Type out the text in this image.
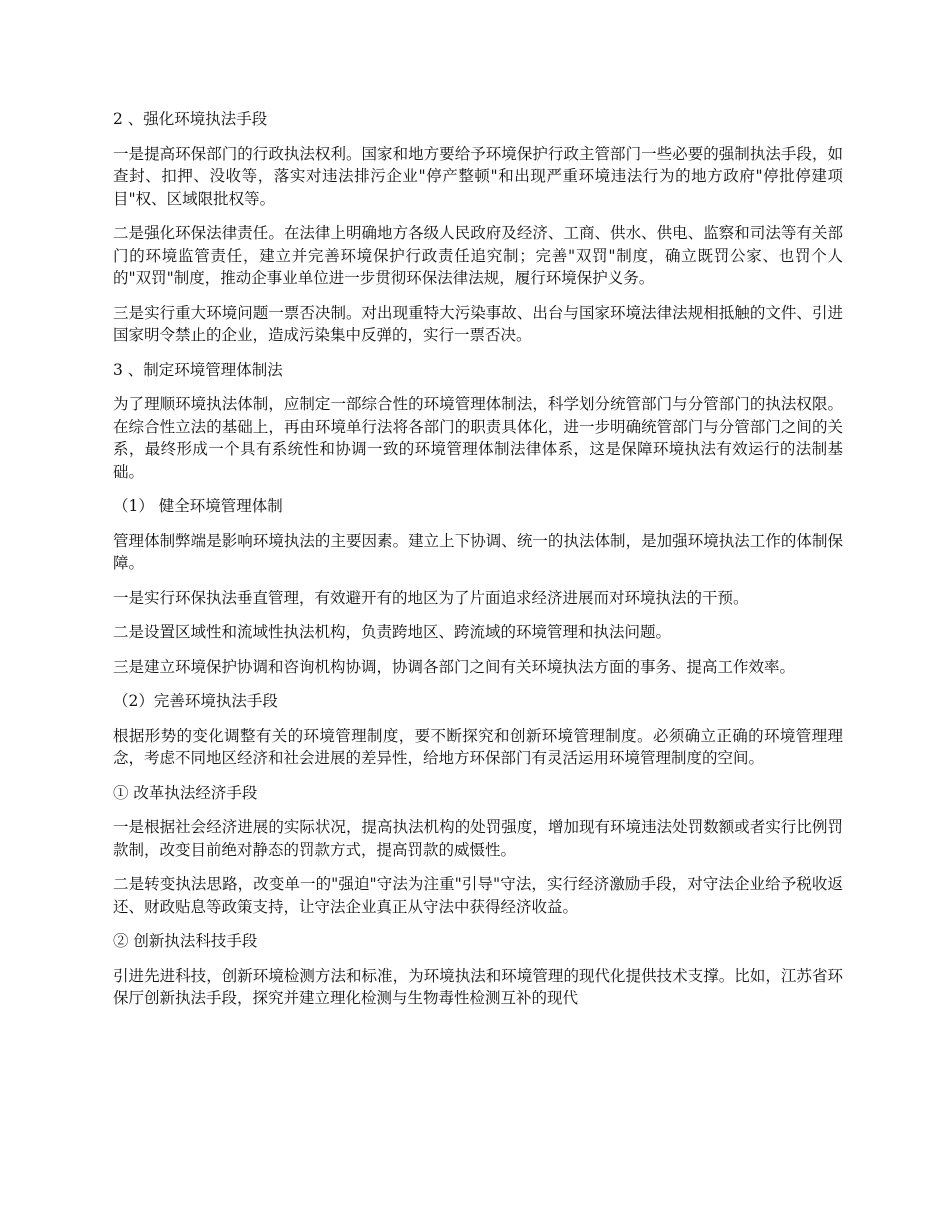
2 、强化环境执法手段
一是提高环保部门的行政执法权利。国家和地方要给予环境保护行政主管部门一些必要的强制执法手段，如查封、扣押、没收等，落实对违法排污企业"停产整顿"和出现严重环境违法行为的地方政府"停批停建项目"权、区域限批权等。
二是强化环保法律责任。在法律上明确地方各级人民政府及经济、工商、供水、供电、监察和司法等有关部门的环境监管责任，建立并完善环境保护行政责任追究制；完善"双罚"制度，确立既罚公家、也罚个人的"双罚"制度，推动企事业单位进一步贯彻环保法律法规，履行环境保护义务。
三是实行重大环境问题一票否决制。对出现重特大污染事故、出台与国家环境法律法规相抵触的文件、引进国家明令禁止的企业，造成污染集中反弹的，实行一票否决。
3 、制定环境管理体制法
为了理顺环境执法体制，应制定一部综合性的环境管理体制法，科学划分统管部门与分管部门的执法权限。在综合性立法的基础上，再由环境单行法将各部门的职责具体化，进一步明确统管部门与分管部门之间的关系，最终形成一个具有系统性和协调一致的环境管理体制法律体系，这是保障环境执法有效运行的法制基础。
（1） 健全环境管理体制
管理体制弊端是影响环境执法的主要因素。建立上下协调、统一的执法体制，是加强环境执法工作的体制保障。
一是实行环保执法垂直管理，有效避开有的地区为了片面追求经济进展而对环境执法的干预。
二是设置区域性和流域性执法机构，负责跨地区、跨流域的环境管理和执法问题。
三是建立环境保护协调和咨询机构协调，协调各部门之间有关环境执法方面的事务、提高工作效率。
（2）完善环境执法手段
根据形势的变化调整有关的环境管理制度，要不断探究和创新环境管理制度。必须确立正确的环境管理理念，考虑不同地区经济和社会进展的差异性，给地方环保部门有灵活运用环境管理制度的空间。
① 改革执法经济手段
一是根据社会经济进展的实际状况，提高执法机构的处罚强度，增加现有环境违法处罚数额或者实行比例罚款制，改变目前绝对静态的罚款方式，提高罚款的威慑性。
二是转变执法思路，改变单一的"强迫"守法为注重"引导"守法，实行经济激励手段，对守法企业给予税收返还、财政贴息等政策支持，让守法企业真正从守法中获得经济收益。
② 创新执法科技手段
引进先进科技，创新环境检测方法和标准，为环境执法和环境管理的现代化提供技术支撑。比如，江苏省环保厅创新执法手段，探究并建立理化检测与生物毒性检测互补的现代
